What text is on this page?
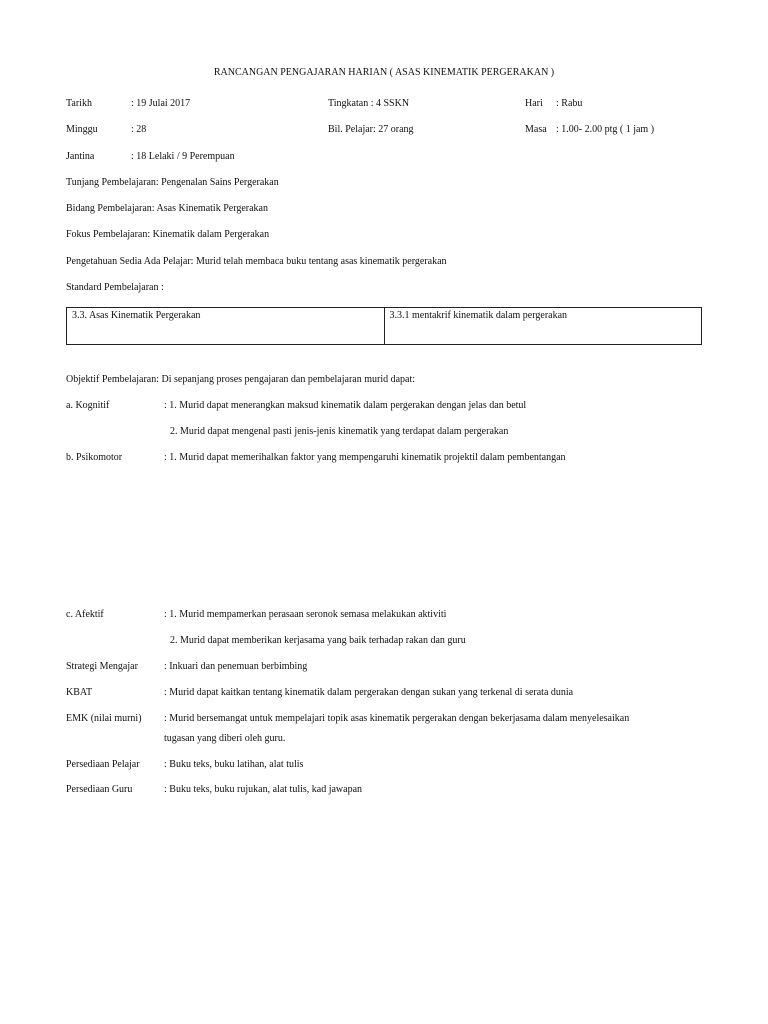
RANCANGAN PENGAJARAN HARIAN ( ASAS KINEMATIK PERGERAKAN )
Tarikh	: 19 Julai 2017	Tingkatan : 4 SSKN	Hari : Rabu
Minggu	: 28	Bil. Pelajar: 27 orang	Masa : 1.00- 2.00 ptg ( 1 jam )
Jantina	: 18 Lelaki / 9 Perempuan
Tunjang Pembelajaran: Pengenalan Sains Pergerakan
Bidang Pembelajaran: Asas Kinematik Pergerakan
Fokus Pembelajaran: Kinematik dalam Pergerakan
Pengetahuan Sedia Ada Pelajar: Murid telah membaca buku tentang asas kinematik pergerakan
Standard Pembelajaran :
3.3. Asas Kinematik Pergerakan	3.3.1 mentakrif kinematik dalam pergerakan
Objektif Pembelajaran: Di sepanjang proses pengajaran dan pembelajaran murid dapat:
a. Kognitif	: 1. Murid dapat menerangkan maksud kinematik dalam pergerakan dengan jelas dan betul
2. Murid dapat mengenal pasti jenis-jenis kinematik yang terdapat dalam pergerakan
b. Psikomotor	: 1. Murid dapat memerihalkan faktor yang mempengaruhi kinematik projektil dalam pembentangan
c. Afektif	: 1. Murid mempamerkan perasaan seronok semasa melakukan aktiviti
2. Murid dapat memberikan kerjasama yang baik terhadap rakan dan guru
Strategi Mengajar	: Inkuari dan penemuan berbimbing
KBAT	: Murid dapat kaitkan tentang kinematik dalam pergerakan dengan sukan yang terkenal di serata dunia
EMK (nilai murni) : Murid bersemangat untuk mempelajari topik asas kinematik pergerakan dengan bekerjasama dalam menyelesaikan
tugasan yang diberi oleh guru.
Persediaan Pelajar : Buku teks, buku latihan, alat tulis
Persediaan Guru	: Buku teks, buku rujukan, alat tulis, kad jawapan
